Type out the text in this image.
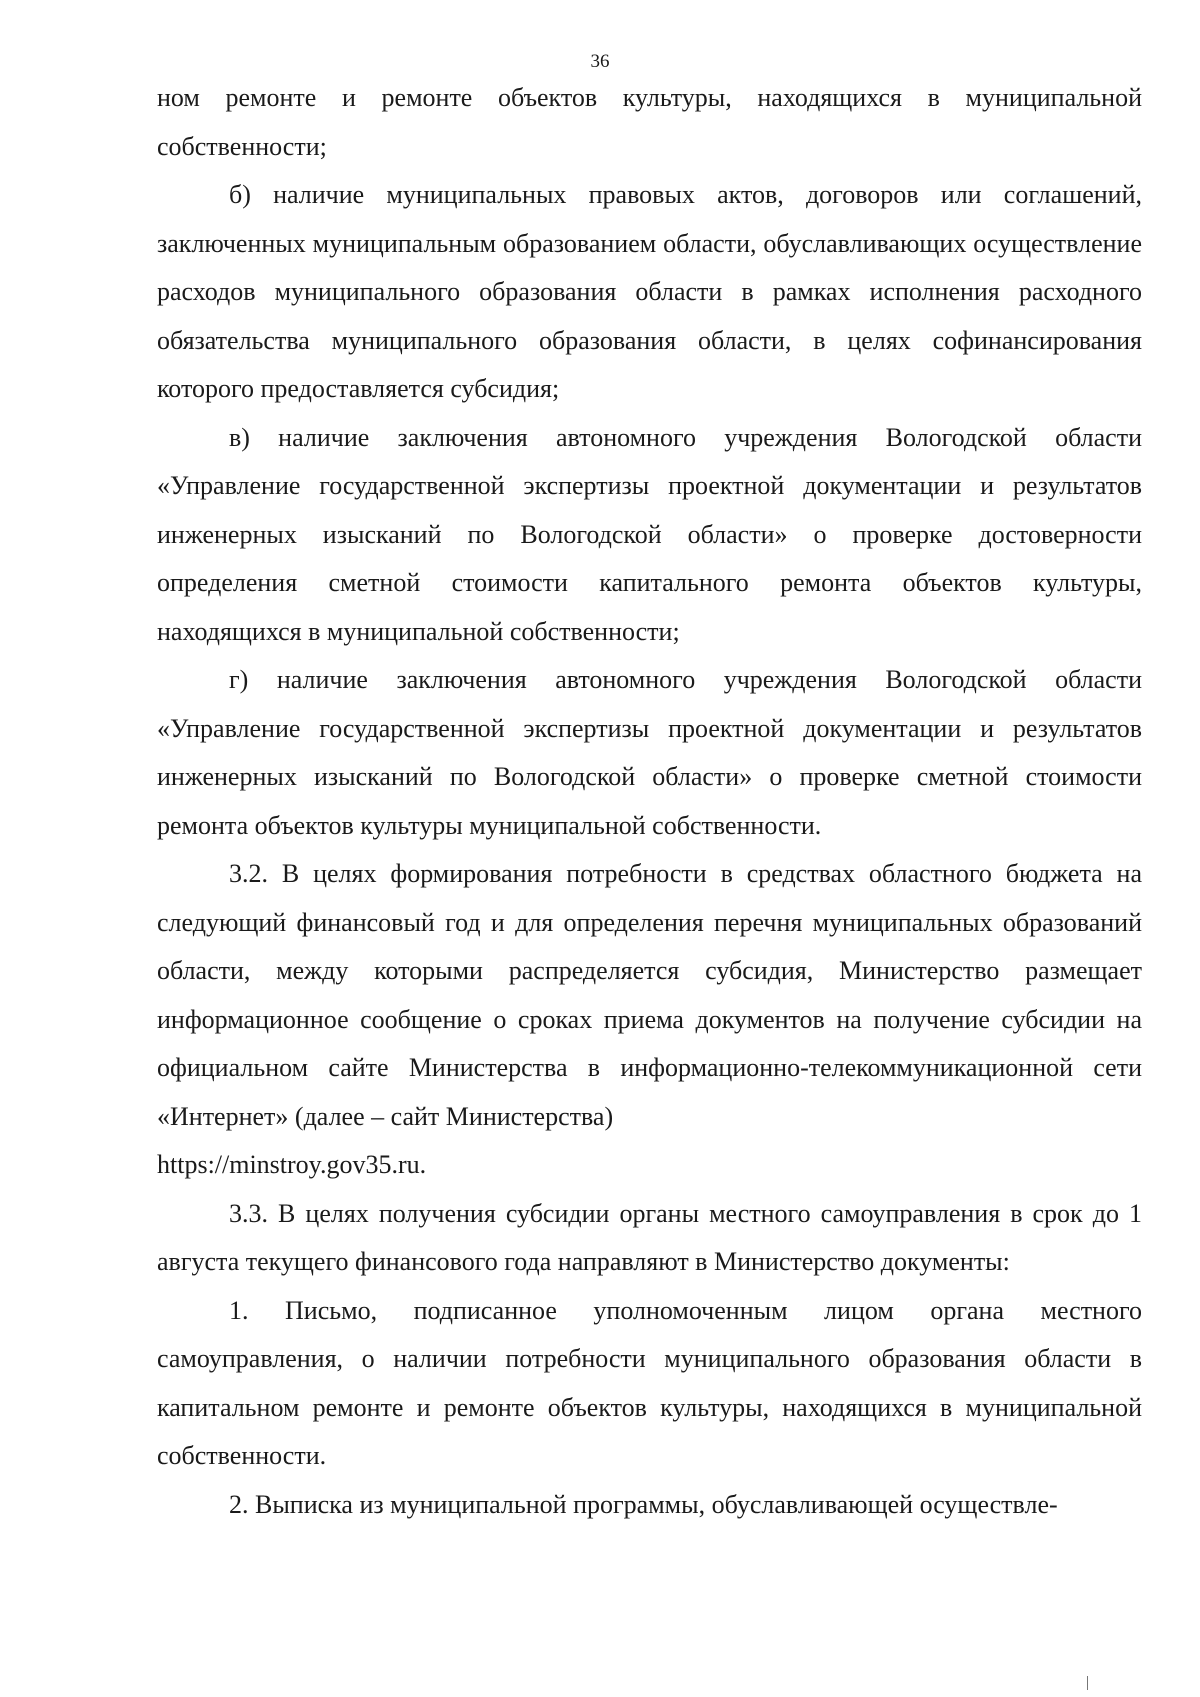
36

ном ремонте и ремонте объектов культуры, находящихся в муниципальной собственности;

б) наличие муниципальных правовых актов, договоров или соглашений, заключенных муниципальным образованием области, обуславливающих осуществление расходов муниципального образования области в рамках исполнения расходного обязательства муниципального образования области, в целях софинансирования которого предоставляется субсидия;

в) наличие заключения автономного учреждения Вологодской области «Управление государственной экспертизы проектной документации и результатов инженерных изысканий по Вологодской области» о проверке достоверности определения сметной стоимости капитального ремонта объектов культуры, находящихся в муниципальной собственности;

г) наличие заключения автономного учреждения Вологодской области «Управление государственной экспертизы проектной документации и результатов инженерных изысканий по Вологодской области» о проверке сметной стоимости ремонта объектов культуры муниципальной собственности.

3.2. В целях формирования потребности в средствах областного бюджета на следующий финансовый год и для определения перечня муниципальных образований области, между которыми распределяется субсидия, Министерство размещает информационное сообщение о сроках приема документов на получение субсидии на официальном сайте Министерства в информационно-телекоммуникационной сети «Интернет» (далее – сайт Министерства)

https://minstroy.gov35.ru.

3.3. В целях получения субсидии органы местного самоуправления в срок до 1 августа текущего финансового года направляют в Министерство документы:

1. Письмо, подписанное уполномоченным лицом органа местного самоуправления, о наличии потребности муниципального образования области в капитальном ремонте и ремонте объектов культуры, находящихся в муниципальной собственности.

2. Выписка из муниципальной программы, обуславливающей осуществле-
